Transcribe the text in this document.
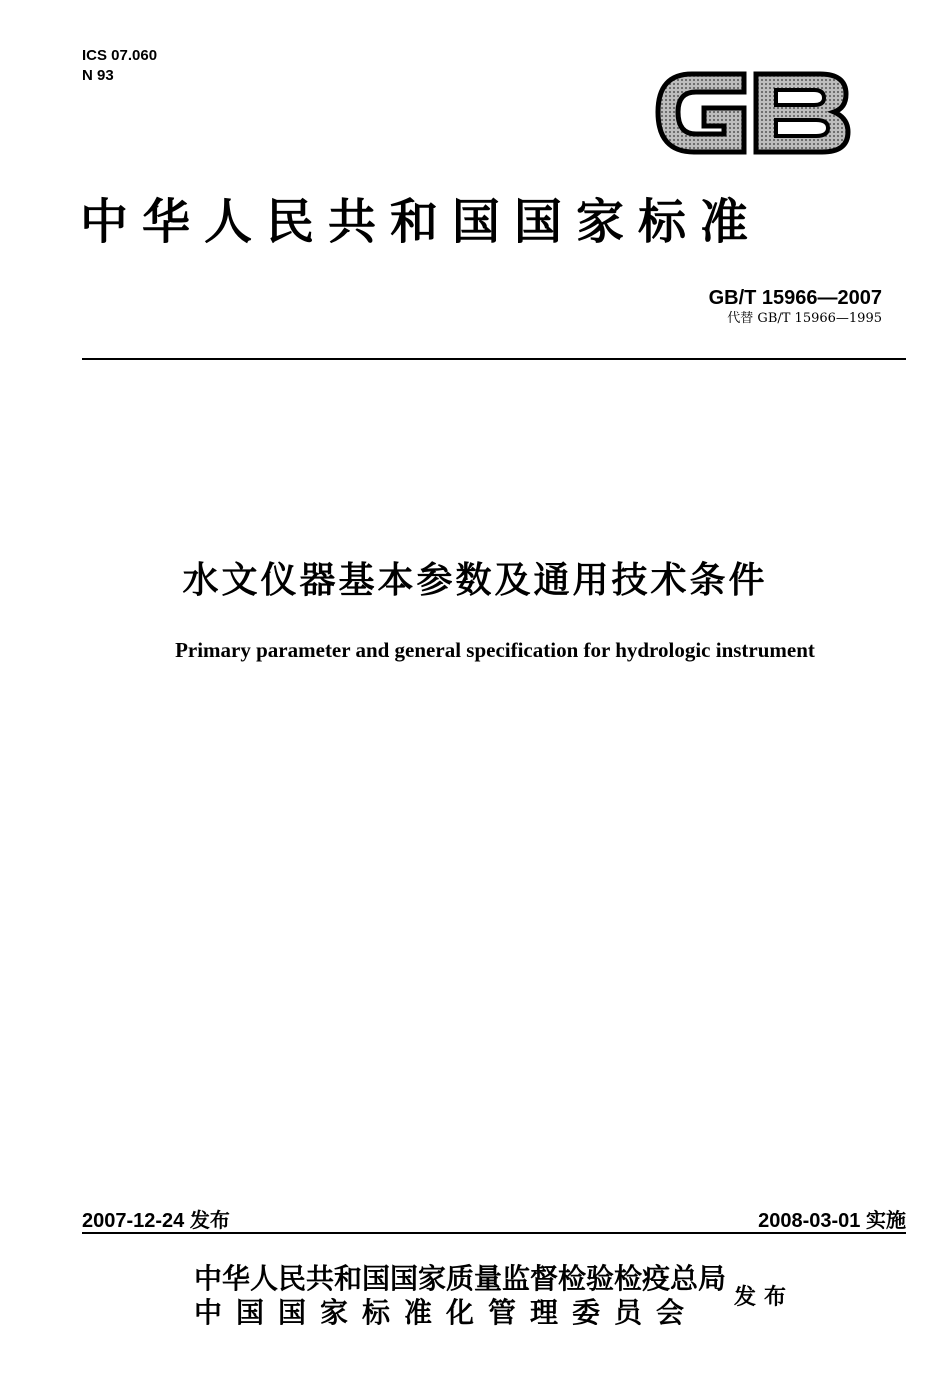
ICS 07.060
N 93
中华人民共和国国家标准
GB/T 15966—2007
代替 GB/T 15966—1995
水文仪器基本参数及通用技术条件
Primary parameter and general specification for hydrologic instrument
2007-12-24 发布	2008-03-01 实施
中华人民共和国国家质量监督检验检疫总局
中国国家标准化管理委员会	发布
